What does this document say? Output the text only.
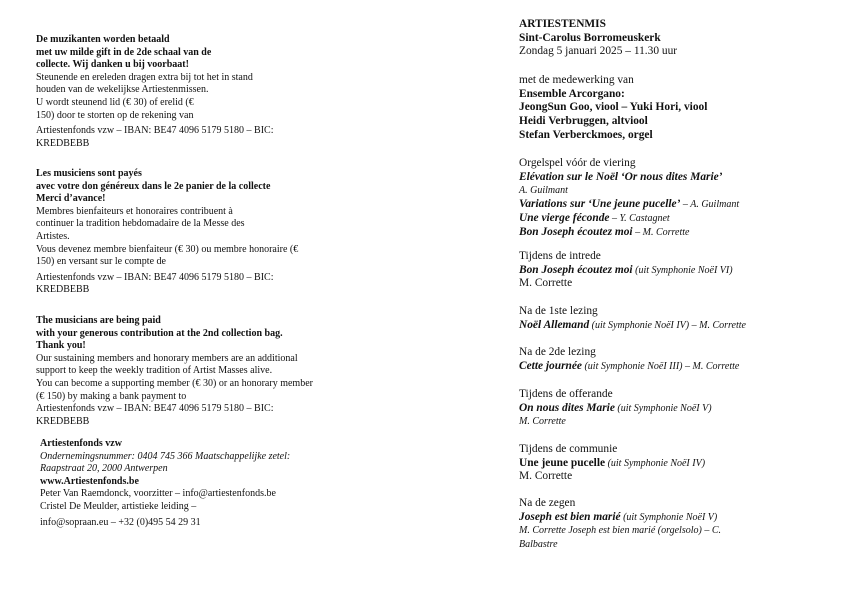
De muzikanten worden betaald

met uw milde gift in de 2de schaal van de

collecte. Wij danken u bij voorbaat!

Steunende en ereleden dragen extra bij tot het in stand

houden van de wekelijkse Artiestenmissen.

U wordt steunend lid (€ 30) of erelid (€

150) door te storten op de rekening van

Artiestenfonds vzw – IBAN: BE47 4096 5179 5180 – BIC:

KREDBEBB

Les musiciens sont payés

avec votre don généreux dans le 2e panier de la collecte

Merci d’avance!

Membres bienfaiteurs et honoraires contribuent à

continuer la tradition hebdomadaire de la Messe des

Artistes.

Vous devenez membre bienfaiteur (€ 30) ou membre honoraire (€

150) en versant sur le compte de

Artiestenfonds vzw – IBAN: BE47 4096 5179 5180 – BIC:

KREDBEBB

The musicians are being paid

with your generous contribution at the 2nd collection bag.

Thank you!

Our sustaining members and honorary members are an additional

support to keep the weekly tradition of Artist Masses alive.

You can become a supporting member (€ 30) or an honorary member

(€ 150) by making a bank payment to

Artiestenfonds vzw – IBAN: BE47 4096 5179 5180 – BIC:

KREDBEBB

Artiestenfonds vzw

Ondernemingsnummer: 0404 745 366 Maatschappelijke zetel:

Raapstraat 20, 2000 Antwerpen

www.Artiestenfonds.be

Peter Van Raemdonck, voorzitter – info@artiestenfonds.be

Cristel De Meulder, artistieke leiding –

info@sopraan.eu – +32 (0)495 54 29 31

ARTIESTENMIS

Sint-Carolus Borromeuskerk

Zondag 5 januari 2025 – 11.30 uur

met de medewerking van

Ensemble Arcorgano:

JeongSun Goo, viool – Yuki Hori, viool

Heidi Verbruggen, altviool

Stefan Verberckmoes, orgel

Orgelspel vóór de viering

Elévation sur le Noël ‘Or nous dites Marie’

A. Guilmant

Variations sur ‘Une jeune pucelle’ – A. Guilmant

Une vierge féconde – Y. Castagnet

Bon Joseph écoutez moi – M. Corrette

Tijdens de intrede

Bon Joseph écoutez moi (uit Symphonie NoëI VI)

M. Corrette

Na de 1ste lezing

Noël Allemand (uit Symphonie NoëI IV) – M. Corrette

Na de 2de lezing

Cette journée (uit Symphonie NoëI III) – M. Corrette

Tijdens de offerande

On nous dites Marie (uit Symphonie NoëI V)

M. Corrette

Tijdens de communie

Une jeune pucelle (uit Symphonie NoëI IV)

M. Corrette

Na de zegen

Joseph est bien marié (uit Symphonie NoëI V)

M. Corrette Joseph est bien marié (orgelsolo) – C.

Balbastre
